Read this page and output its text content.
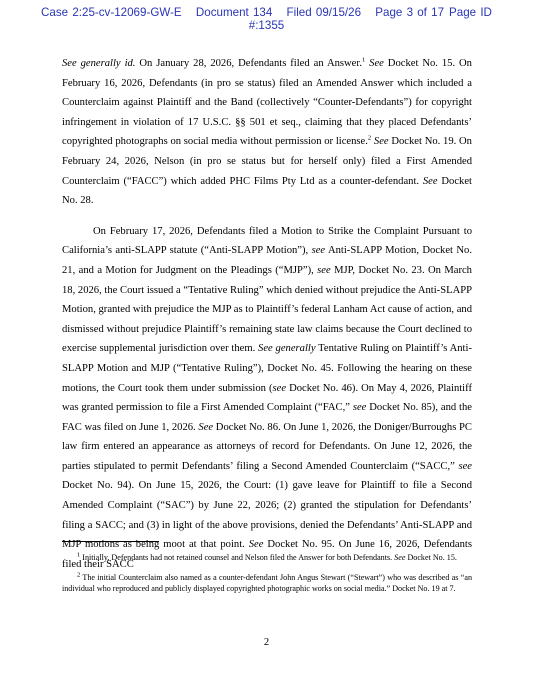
Case 2:25-cv-12069-GW-E Document 134 Filed 09/15/26 Page 3 of 17 Page ID
#:1355

See generally id. On January 28, 2026, Defendants filed an Answer.$^1$ See Docket No. 15. On February 16, 2026, Defendants (in pro se status) filed an Amended Answer which included a Counterclaim against Plaintiff and the Band (collectively “Counter-Defendants”) for copyright infringement in violation of 17 U.S.C. §§ 501 et seq., claiming that they placed Defendants’ copyrighted photographs on social media without permission or license.$^2$ See Docket No. 19. On February 24, 2026, Nelson (in pro se status but for herself only) filed a First Amended Counterclaim (“FACC”) which added PHC Films Pty Ltd as a counter-defendant. See Docket No. 28.

On February 17, 2026, Defendants filed a Motion to Strike the Complaint Pursuant to California’s anti-SLAPP statute (“Anti-SLAPP Motion”), see Anti-SLAPP Motion, Docket No. 21, and a Motion for Judgment on the Pleadings (“MJP”), see MJP, Docket No. 23. On March 18, 2026, the Court issued a “Tentative Ruling” which denied without prejudice the Anti-SLAPP Motion, granted with prejudice the MJP as to Plaintiff’s federal Lanham Act cause of action, and dismissed without prejudice Plaintiff’s remaining state law claims because the Court declined to exercise supplemental jurisdiction over them. See generally Tentative Ruling on Plaintiff’s Anti-SLAPP Motion and MJP (“Tentative Ruling”), Docket No. 45. Following the hearing on these motions, the Court took them under submission (see Docket No. 46). On May 4, 2026, Plaintiff was granted permission to file a First Amended Complaint (“FAC,” see Docket No. 85), and the FAC was filed on June 1, 2026. See Docket No. 86. On June 1, 2026, the Doniger/Burroughs PC law firm entered an appearance as attorneys of record for Defendants. On June 12, 2026, the parties stipulated to permit Defendants’ filing a Second Amended Counterclaim (“SACC,” see Docket No. 94). On June 15, 2026, the Court: (1) gave leave for Plaintiff to file a Second Amended Complaint (“SAC”) by June 22, 2026; (2) granted the stipulation for Defendants’ filing a SACC; and (3) in light of the above provisions, denied the Defendants’ Anti-SLAPP and MJP motions as being moot at that point. See Docket No. 95. On June 16, 2026, Defendants filed their SACC

$^1$ Initially, Defendants had not retained counsel and Nelson filed the Answer for both Defendants. See Docket No. 15.

$^2$ The initial Counterclaim also named as a counter-defendant John Angus Stewart (“Stewart”) who was described as “an individual who reproduced and publicly displayed copyrighted photographic works on social media.” Docket No. 19 at 7.

2
